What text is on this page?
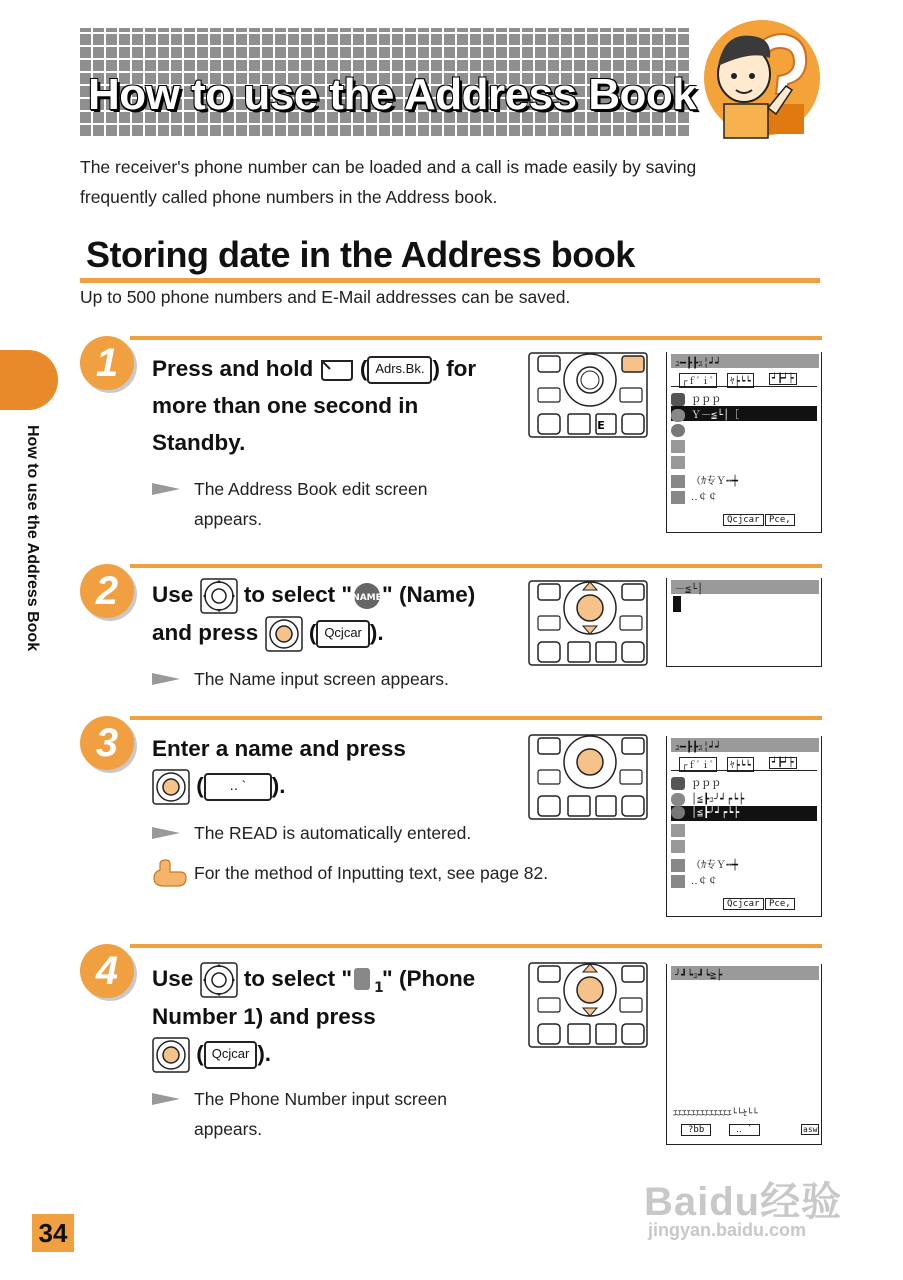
How to use the Address Book
The receiver's phone number can be loaded and a call is made easily by saving
frequently called phone numbers in the Address book.
Storing date in the Address book
Up to 500 phone numbers and E-Mail addresses can be saved.
How to use the Address Book
1	Press and hold  ( Adrs.Bk. ) for
more than one second in
Standby.
The Address Book edit screen
appears.
E
ｭ━┣┣ｭ╎┙┙
┌ｆﾟｉﾟ	ﾔ┝┕┕	┙┣┙┝
ｐｐｐ
Ｙ－≦└│［
（ｶ专Ｙ┅┿
‥￠￠
Qcjcar	Pce,
2	Use to select " NAME " (Name)
and press  ( Qcjcar ).
The Name input screen appears.
－≦└│
3	Enter a name and press
( ‥ ` ).
The READ is automatically entered.
For the method of Inputting text, see page 82.
ｭ━┣┣ｭ╎┙┙
┌ｆﾟｉﾟ	ﾔ┝┕┕	┙┣┙┝
ｐｐｐ
│≦┣ｭ╯┙┍┕┝
│≦┣╯┙┍┕┝
（ｶ专Ｙ┅┿
‥￠￠
Qcjcar	Pce,
4	Use to select " 1
" (Phone
Number 1) and press
( Qcjcar ).
The Phone Number input screen
appears.
╯┛┕ｭ┛┕≧┝
ｴｴｴｴｴｴｴｴｴｴｴｴｴ└└ｾ└└
?bb	‥ `	asw
34
Baidu经验
jingyan.baidu.com
